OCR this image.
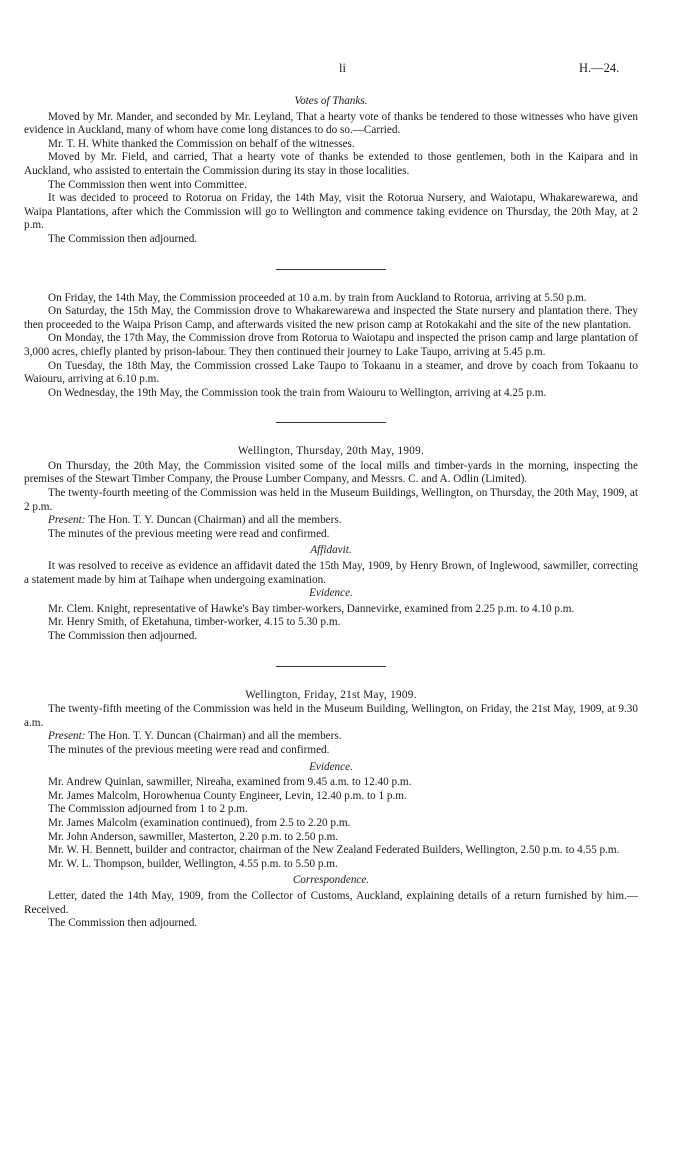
li	H.—24.
Votes of Thanks.

Moved by Mr. Mander, and seconded by Mr. Leyland, That a hearty vote of thanks be tendered to those witnesses who have given evidence in Auckland, many of whom have come long distances to do so.—Carried.

Mr. T. H. White thanked the Commission on behalf of the witnesses.

Moved by Mr. Field, and carried, That a hearty vote of thanks be extended to those gentlemen, both in the Kaipara and in Auckland, who assisted to entertain the Commission during its stay in those localities.

The Commission then went into Committee.

It was decided to proceed to Rotorua on Friday, the 14th May, visit the Rotorua Nursery, and Waiotapu, Whakarewarewa, and Waipa Plantations, after which the Commission will go to Wellington and commence taking evidence on Thursday, the 20th May, at 2 p.m.

The Commission then adjourned.

On Friday, the 14th May, the Commission proceeded at 10 a.m. by train from Auckland to Rotorua, arriving at 5.50 p.m.

On Saturday, the 15th May, the Commission drove to Whakarewarewa and inspected the State nursery and plantation there. They then proceeded to the Waipa Prison Camp, and afterwards visited the new prison camp at Rotokakahi and the site of the new plantation.

On Monday, the 17th May, the Commission drove from Rotorua to Waiotapu and inspected the prison camp and large plantation of 3,000 acres, chiefly planted by prison-labour. They then continued their journey to Lake Taupo, arriving at 5.45 p.m.

On Tuesday, the 18th May, the Commission crossed Lake Taupo to Tokaanu in a steamer, and drove by coach from Tokaanu to Waiouru, arriving at 6.10 p.m.

On Wednesday, the 19th May, the Commission took the train from Waiouru to Wellington, arriving at 4.25 p.m.

Wellington, Thursday, 20th May, 1909.

On Thursday, the 20th May, the Commission visited some of the local mills and timber-yards in the morning, inspecting the premises of the Stewart Timber Company, the Prouse Lumber Company, and Messrs. C. and A. Odlin (Limited).

The twenty-fourth meeting of the Commission was held in the Museum Buildings, Wellington, on Thursday, the 20th May, 1909, at 2 p.m.

Present: The Hon. T. Y. Duncan (Chairman) and all the members.

The minutes of the previous meeting were read and confirmed.

Affidavit.

It was resolved to receive as evidence an affidavit dated the 15th May, 1909, by Henry Brown, of Inglewood, sawmiller, correcting a statement made by him at Taihape when undergoing examination.

Evidence.

Mr. Clem. Knight, representative of Hawke's Bay timber-workers, Dannevirke, examined from 2.25 p.m. to 4.10 p.m.

Mr. Henry Smith, of Eketahuna, timber-worker, 4.15 to 5.30 p.m.

The Commission then adjourned.

Wellington, Friday, 21st May, 1909.

The twenty-fifth meeting of the Commission was held in the Museum Building, Wellington, on Friday, the 21st May, 1909, at 9.30 a.m.

Present: The Hon. T. Y. Duncan (Chairman) and all the members.

The minutes of the previous meeting were read and confirmed.

Evidence.

Mr. Andrew Quinlan, sawmiller, Nireaha, examined from 9.45 a.m. to 12.40 p.m.

Mr. James Malcolm, Horowhenua County Engineer, Levin, 12.40 p.m. to 1 p.m.

The Commission adjourned from 1 to 2 p.m.

Mr. James Malcolm (examination continued), from 2.5 to 2.20 p.m.

Mr. John Anderson, sawmiller, Masterton, 2.20 p.m. to 2.50 p.m.

Mr. W. H. Bennett, builder and contractor, chairman of the New Zealand Federated Builders, Wellington, 2.50 p.m. to 4.55 p.m.

Mr. W. L. Thompson, builder, Wellington, 4.55 p.m. to 5.50 p.m.

Correspondence.

Letter, dated the 14th May, 1909, from the Collector of Customs, Auckland, explaining details of a return furnished by him.—Received.

The Commission then adjourned.
